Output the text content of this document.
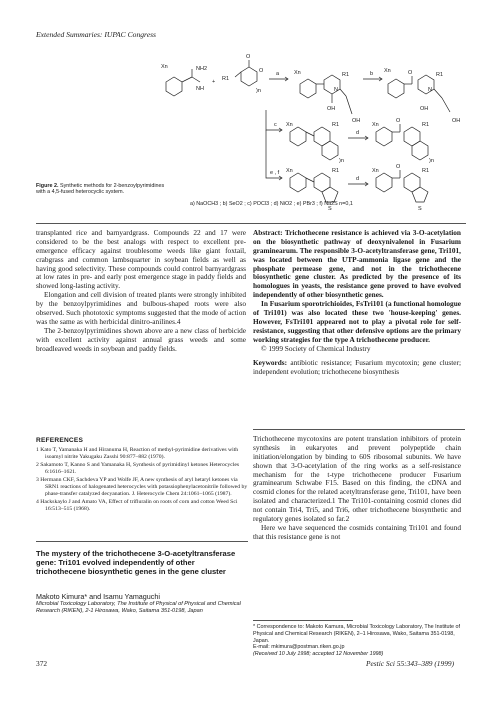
Extended Summaries: IUPAC Congress
Xn	NH2
NH
+ R1
O
O
)n
a	Xn	R1
N
OH
OH
b Xn	O	R1
N
OH
OH
c Xn	R1
)n
d
Xn
O
R1
)n
e , f Xn	R1
S
d
Xn
O
R1
S
Figure 2. Synthetic methods for 2-benzoylpyrimidines with a 4,5-fused heterocyclic system.
a) NaOCH3 ; b) SeO2 ; c) POCl3 ; d) NiO2 ; e) PBr3 ; f) Na2S n=0,1

transplanted rice and barnyardgrass. Compounds 22 and 17 were considered to be the best analogs with respect to excellent pre-emergence efficacy against troublesome weeds like giant foxtail, crabgrass and common lambsquarter in soybean fields as well as having good selectivity. These compounds could control barnyardgrass at low rates in pre- and early post emergence stage in paddy fields and showed long-lasting activity.

Elongation and cell division of treated plants were strongly inhibited by the benzoylpyrimidines and bulbous-shaped roots were also observed. Such phototoxic symptoms suggested that the mode of action was the same as with herbicidal dinitro-anilines.4

The 2-benzoylpyrimidines shown above are a new class of herbicide with excellent activity against annual grass weeds and some broadleaved weeds in soybean and paddy fields.

Abstract: Trichothecene resistance is achieved via 3-O-acetylation on the biosynthetic pathway of deoxynivalenol in Fusarium graminearum. The responsible 3-O-acetyltransferase gene, Tri101, was located between the UTP-ammonia ligase gene and the phosphate permease gene, and not in the trichothecene biosynthetic gene cluster. As predicted by the presence of its homologues in yeasts, the resistance gene proved to have evolved independently of other biosynthetic genes.

In Fusarium sporotrichioides, FsTri101 (a functional homologue of Tri101) was also located these two 'house-keeping' genes. However, FsTri101 appeared not to play a pivotal role for self-resistance, suggesting that other defensive options are the primary working strategies for the type A trichothecene producer.

© 1999 Society of Chemical Industry

Keywords: antibiotic resistance; Fusarium mycotoxin; gene cluster; independent evolution; trichothecene biosynthesis
REFERENCES
1 Kato T, Yamanaka H and Hiranuma H, Reaction of methyl-pyrimidine derivatives with isoamyl nitrite Yakugaku Zasshi 90:877–882 (1970).
2 Sakamoto T, Kanno S and Yamanaka H, Synthesis of pyrimidinyl ketones Heterocycles 6:1616–1621.
3 Hermann CKF, Sachdeva YP and Wolfe JF, A new synthesis of aryl hetaryl ketones via SRN1 reactions of halogenated heterocycles with potassiophenylacetonitrile followed by phase-transfer catalyzed decyanation. J. Heterocycle Chem 24:1061–1065 (1987).
4 Hackskaylo J and Amato VA, Effect of trifluralin on roots of corn and cotton Weed Sci 16:513–515 (1968).
The mystery of the trichothecene 3-O-acetyltransferase gene: Tri101 evolved independently of other trichothecene biosynthetic genes in the gene cluster
Makoto Kimura* and Isamu Yamaguchi
Microbial Toxicology Laboratory, The Institute of Physical of Physical and Chemical Research (RIKEN), 2-1 Hirosawa, Wako, Saitama 351-0198, Japan

Trichothecene mycotoxins are potent translation inhibitors of protein synthesis in eukaryotes and prevent polypeptide chain initiation/elongation by binding to 60S ribosomal subunits. We have shown that 3-O-acetylation of the ring works as a self-resistance mechanism for the t-type trichothecene producer Fusarium graminearum Schwabe F15. Based on this finding, the cDNA and cosmid clones for the related acetyltransferase gene, Tri101, have been isolated and characterized.1 The Tri101-containing cosmid clones did not contain Tri4, Tri5, and Tri6, other trichothecene biosynthetic and regulatory genes isolated so far.2

Here we have sequenced the cosmids containing Tri101 and found that this resistance gene is not

* Correspondence to: Makoto Kamura, Microbial Toxicology Laboratory, The Institute of Physical and Chemical Research (RIKEN), 2–1 Hirosawa, Wako, Saitama 351-0198, Japan.
E-mail: mkimura@postman.riken.go.jp
(Received 10 July 1998; accepted 12 November 1998)
372	Pestic Sci 55:343–389 (1999)
